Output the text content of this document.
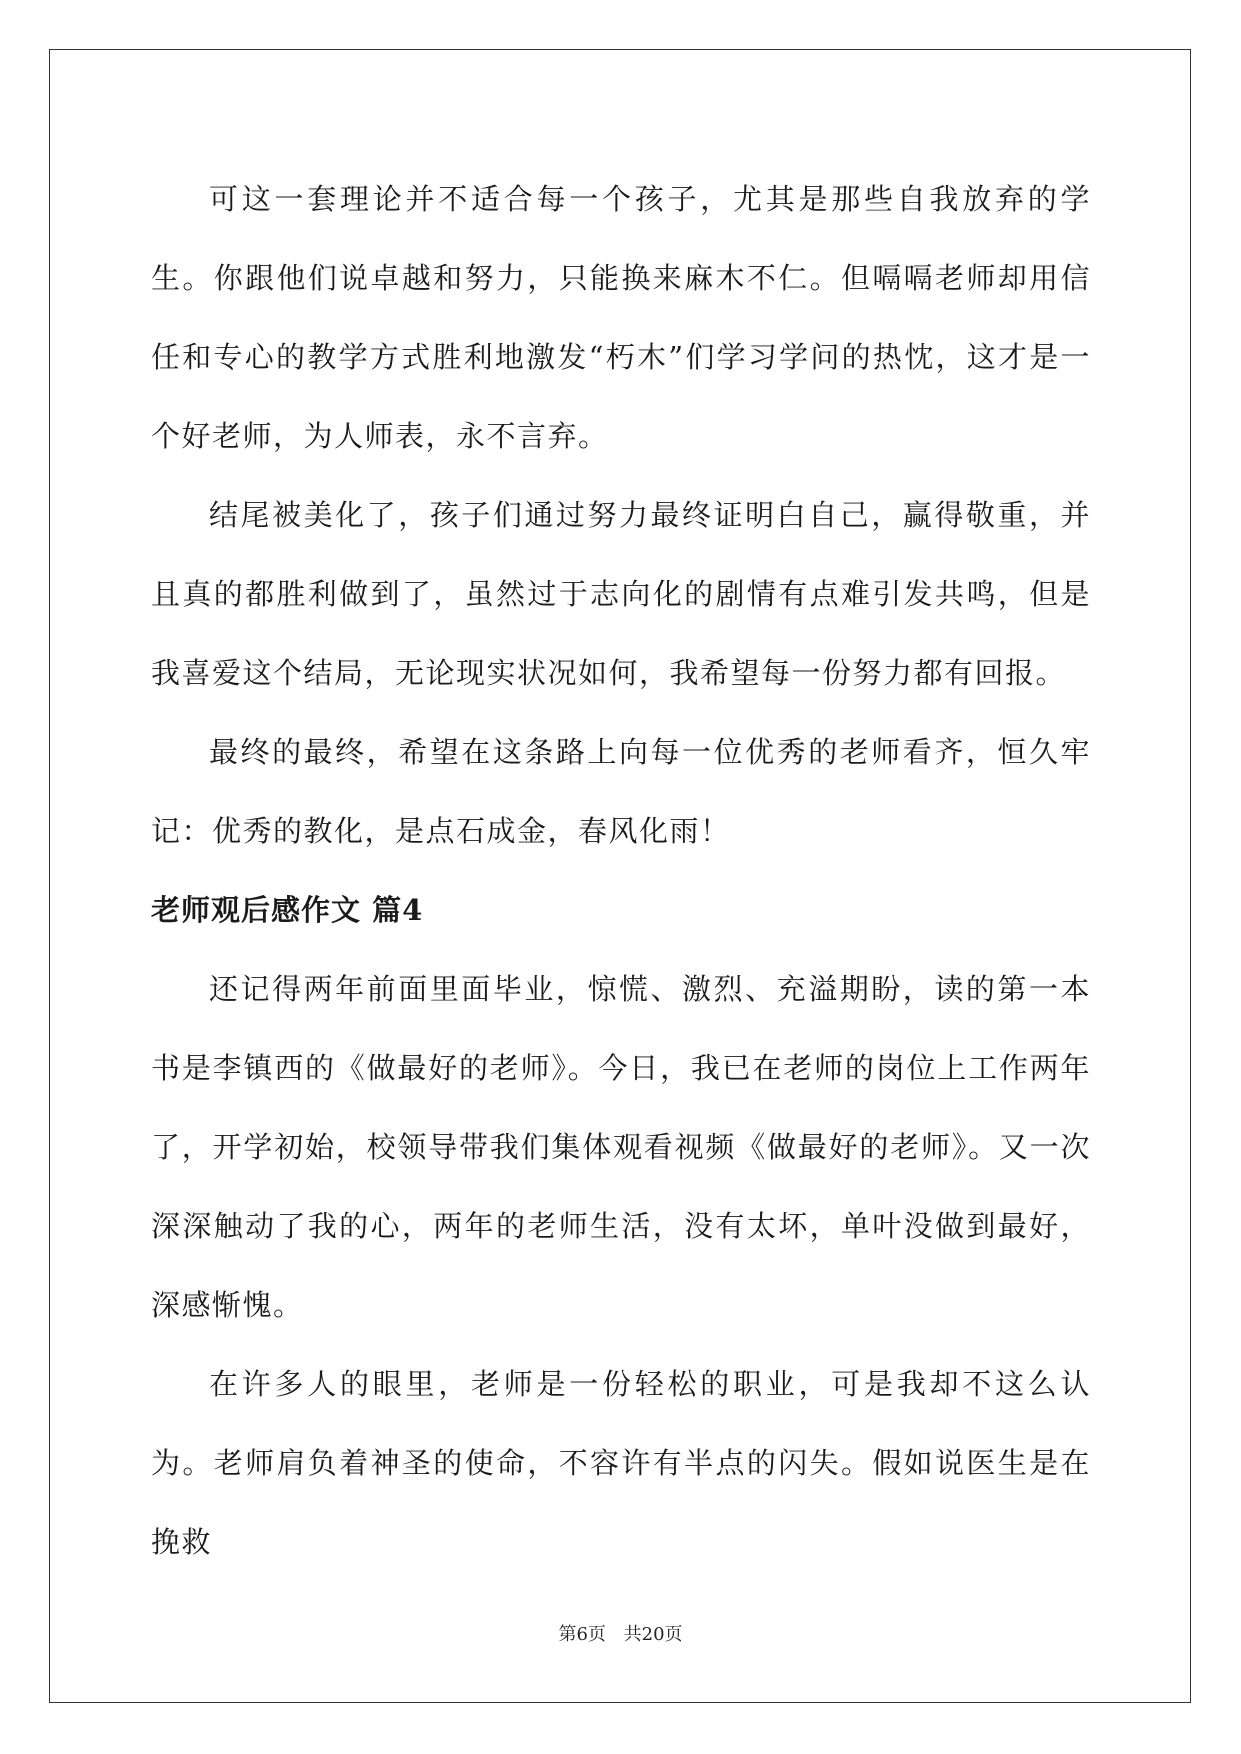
可这一套理论并不适合每一个孩子，尤其是那些自我放弃的学生。你跟他们说卓越和努力，只能换来麻木不仁。但嗝嗝老师却用信任和专心的教学方式胜利地激发“朽木”们学习学问的热忱，这才是一个好老师，为人师表，永不言弃。

结尾被美化了，孩子们通过努力最终证明白自己，赢得敬重，并且真的都胜利做到了，虽然过于志向化的剧情有点难引发共鸣，但是我喜爱这个结局，无论现实状况如何，我希望每一份努力都有回报。

最终的最终，希望在这条路上向每一位优秀的老师看齐，恒久牢记：优秀的教化，是点石成金，春风化雨！

老师观后感作文 篇4

还记得两年前面里面毕业，惊慌、激烈、充溢期盼，读的第一本书是李镇西的《做最好的老师》。今日，我已在老师的岗位上工作两年了，开学初始，校领导带我们集体观看视频《做最好的老师》。又一次深深触动了我的心，两年的老师生活，没有太坏，单叶没做到最好，深感惭愧。

在许多人的眼里，老师是一份轻松的职业，可是我却不这么认为。老师肩负着神圣的使命，不容许有半点的闪失。假如说医生是在挽救

第6页 共20页
